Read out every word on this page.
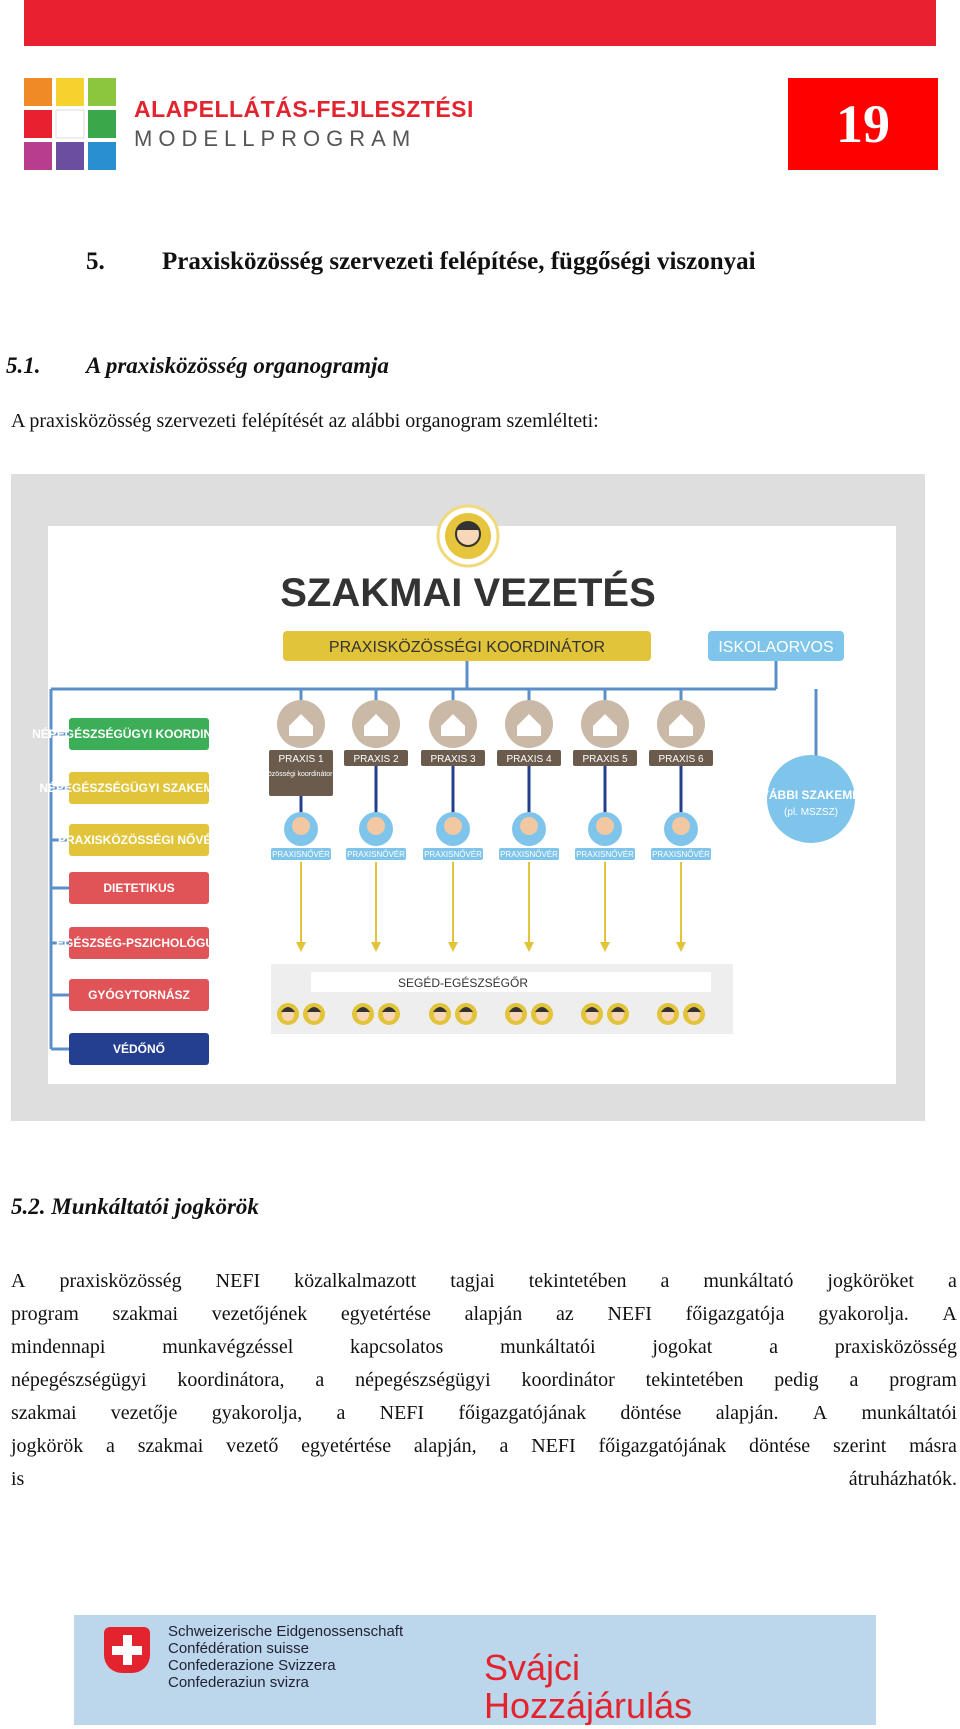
ALAPELLÁTÁS-FEJLESZTÉSI
MODELLPROGRAM	19
5. Praxisközösség szervezeti felépítése, függőségi viszonyai
5.1. A praxisközösség organogramja
A praxisközösség szervezeti felépítését az alábbi organogram szemlélteti:
SZAKMAI VEZETÉS
PRAXISKÖZÖSSÉGI KOORDINÁTOR	ISKOLAORVOS
NÉPEGÉSZSÉGÜGYI KOORDINÁTOR
NÉPEGÉSZSÉGÜGYI SZAKEMBER
PRAXISKÖZÖSSÉGI NŐVÉR
DIETETIKUS
EGÉSZSÉG-PSZICHOLÓGUS
GYÓGYTORNÁSZ
VÉDŐNŐ
PRAXIS 1
Praxisközösségi koordinátor praxisa
PRAXISNŐVÉR
PRAXIS 2
PRAXISNŐVÉR
PRAXIS 3
PRAXISNŐVÉR
PRAXIS 4
PRAXISNŐVÉR
PRAXIS 5
PRAXISNŐVÉR
PRAXIS 6
PRAXISNŐVÉR
TOVÁBBI SZAKEMBER
(pl. MSZSZ)
SEGÉD-EGÉSZSÉGŐR
5.2. Munkáltatói jogkörök
A praxisközösség NEFI közalkalmazott tagjai tekintetében a munkáltató jogköröket a
program szakmai vezetőjének egyetértése alapján az NEFI főigazgatója gyakorolja. A
mindennapi	munkavégzéssel	kapcsolatos	munkáltatói	jogokat	a	praxisközösség
népegészségügyi koordinátora, a népegészségügyi koordinátor tekintetében pedig a program
szakmai vezetője gyakorolja, a NEFI főigazgatójának döntése alapján. A munkáltatói
jogkörök a szakmai vezető egyetértése alapján, a NEFI főigazgatójának döntése szerint másra
is	átruházhatók.
Schweizerische Eidgenossenschaft
Confédération suisse
Confederazione Svizzera
Confederaziun svizra	Svájci
Hozzájárulás
